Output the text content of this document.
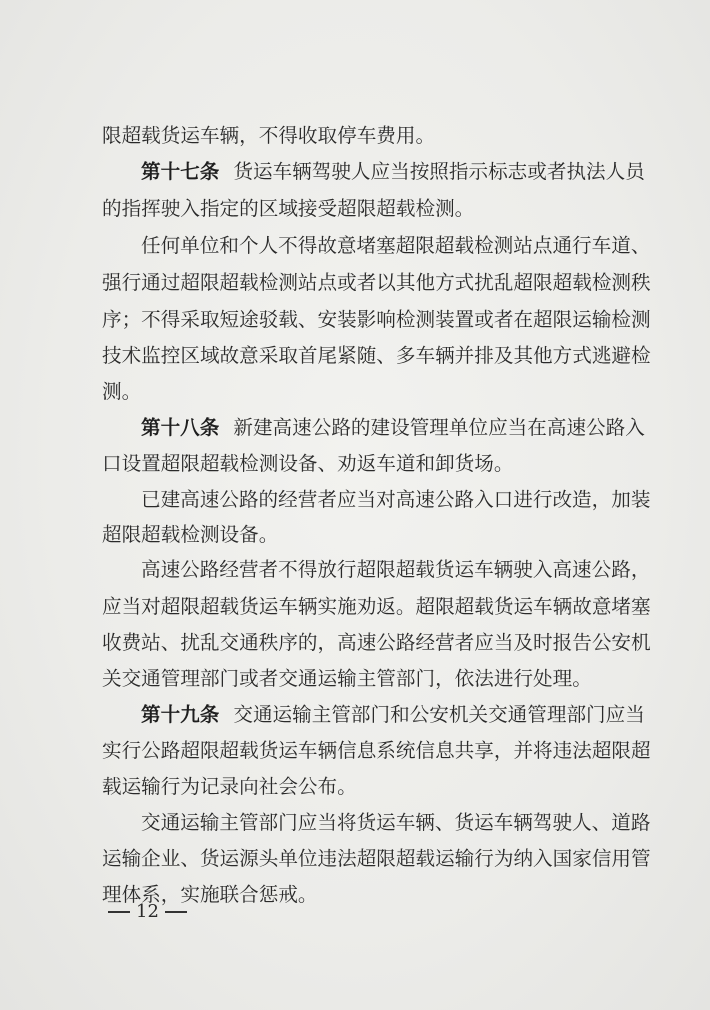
限超载货运车辆，不得收取停车费用。
第十七条 货运车辆驾驶人应当按照指示标志或者执法人员
的指挥驶入指定的区域接受超限超载检测。
任何单位和个人不得故意堵塞超限超载检测站点通行车道、
强行通过超限超载检测站点或者以其他方式扰乱超限超载检测秩
序；不得采取短途驳载、安装影响检测装置或者在超限运输检测
技术监控区域故意采取首尾紧随、多车辆并排及其他方式逃避检
测。
第十八条 新建高速公路的建设管理单位应当在高速公路入
口设置超限超载检测设备、劝返车道和卸货场。
已建高速公路的经营者应当对高速公路入口进行改造，加装
超限超载检测设备。
高速公路经营者不得放行超限超载货运车辆驶入高速公路，
应当对超限超载货运车辆实施劝返。超限超载货运车辆故意堵塞
收费站、扰乱交通秩序的，高速公路经营者应当及时报告公安机
关交通管理部门或者交通运输主管部门，依法进行处理。
第十九条 交通运输主管部门和公安机关交通管理部门应当
实行公路超限超载货运车辆信息系统信息共享，并将违法超限超
载运输行为记录向社会公布。
交通运输主管部门应当将货运车辆、货运车辆驾驶人、道路
运输企业、货运源头单位违法超限超载运输行为纳入国家信用管
理体系，实施联合惩戒。
12
